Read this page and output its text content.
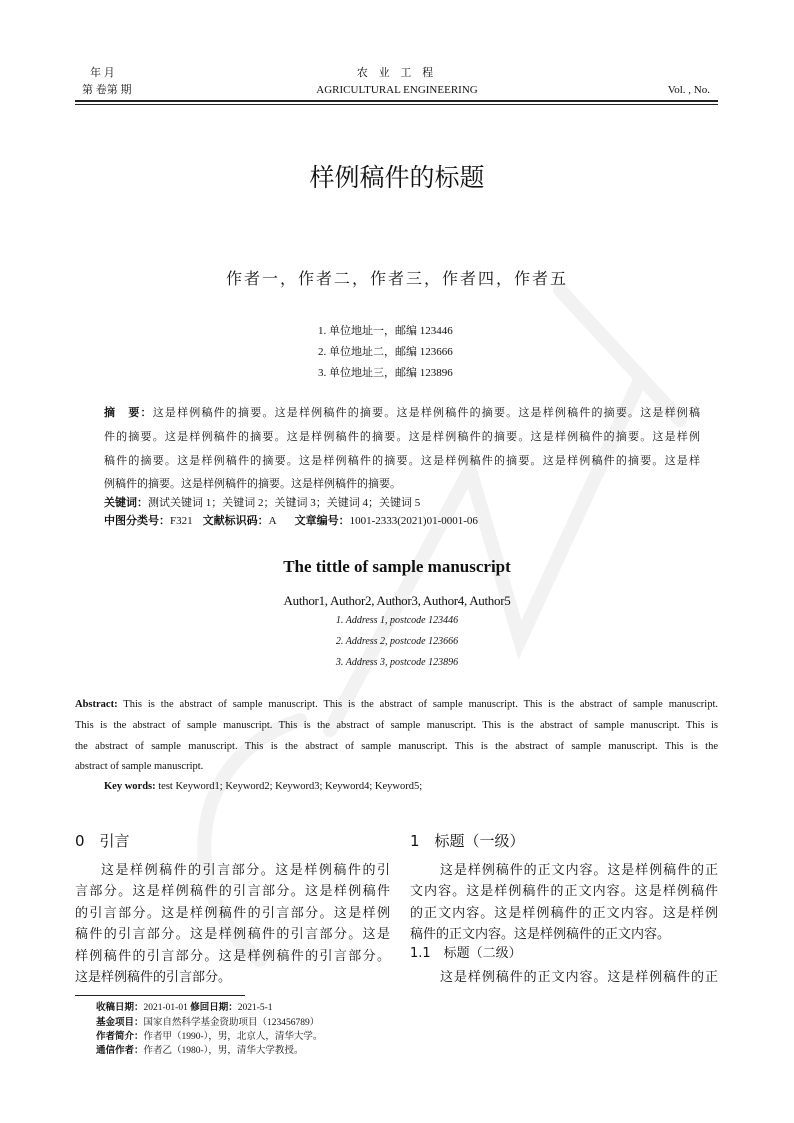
年 月
第 卷第 期
农 业 工 程
AGRICULTURAL ENGINEERING	Vol. , No.
样例稿件的标题
作者一，作者二，作者三，作者四，作者五
1. 单位地址一，邮编 123446
2. 单位地址二，邮编 123666
3. 单位地址三，邮编 123896
摘　要：这是样例稿件的摘要。这是样例稿件的摘要。这是样例稿件的摘要。这是样例稿件的摘要。这是样例稿
件的摘要。这是样例稿件的摘要。这是样例稿件的摘要。这是样例稿件的摘要。这是样例稿件的摘要。这是样例
稿件的摘要。这是样例稿件的摘要。这是样例稿件的摘要。这是样例稿件的摘要。这是样例稿件的摘要。这是样
例稿件的摘要。这是样例稿件的摘要。这是样例稿件的摘要。
关键词：测试关键词 1；关键词 2；关键词 3；关键词 4；关键词 5
中图分类号：F321 文献标识码：A 文章编号：1001-2333(2021)01-0001-06
The tittle of sample manuscript
Author1, Author2, Author3, Author4, Author5
1. Address 1, postcode 123446
2. Address 2, postcode 123666
3. Address 3, postcode 123896
Abstract: This is the abstract of sample manuscript. This is the abstract of sample manuscript. This is the abstract of sample manuscript.
This is the abstract of sample manuscript. This is the abstract of sample manuscript. This is the abstract of sample manuscript. This is
the abstract of sample manuscript. This is the abstract of sample manuscript. This is the abstract of sample manuscript. This is the
abstract of sample manuscript.
Key words: test Keyword1; Keyword2; Keyword3; Keyword4; Keyword5;
0　引言
这是样例稿件的引言部分。这是样例稿件的引
言部分。这是样例稿件的引言部分。这是样例稿件
的引言部分。这是样例稿件的引言部分。这是样例
稿件的引言部分。这是样例稿件的引言部分。这是
样例稿件的引言部分。这是样例稿件的引言部分。
这是样例稿件的引言部分。
1　标题（一级）
这是样例稿件的正文内容。这是样例稿件的正
文内容。这是样例稿件的正文内容。这是样例稿件
的正文内容。这是样例稿件的正文内容。这是样例
稿件的正文内容。这是样例稿件的正文内容。
1.1　标题（二级）
这是样例稿件的正文内容。这是样例稿件的正
收稿日期：2021-01-01 修回日期：2021-5-1
基金项目：国家自然科学基金资助项目（123456789）
作者简介：作者甲（1990-），男，北京人，清华大学。
通信作者：作者乙（1980-），男，清华大学教授。
